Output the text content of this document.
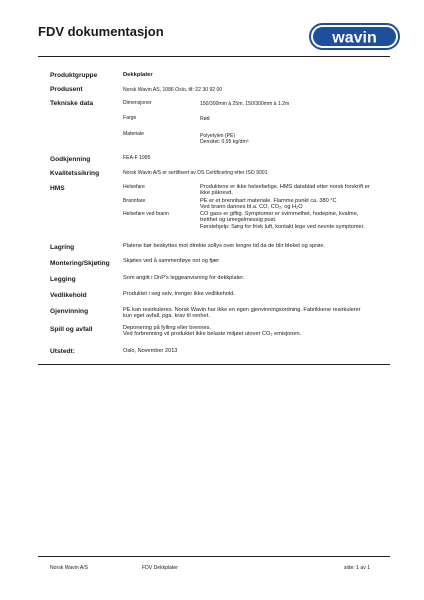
FDV dokumentasjon	wavin
Produktgruppe	Dekkplater
Produsent	Norsk Wavin AS, 1086 Oslo, tlf: 22 30 92 00
Tekniske data	Dimensjoner	150/300mm à 25m, 150/300mm à 1.2m
Farge	Rød
Materiale	Polyetylen (PE)
Densitet: 0,95 kg/dm³
Godkjenning	FEA-F 1995
Kvalitetssikring	Norsk Wavin A/S er sertifisert av DS Certificering etter ISO 9001
HMS	Helsefare	Produktene er ikke helsefarlige. HMS datablad etter norsk forskrift er
ikke påkrevd.
Brannfare	PE er et brennbart materiale. Flamme punkt ca. 380 °C
Ved brann dannes bl.a. CO, CO₂, og H₂O
Helsefare ved brann	CO gass er giftig. Symptomer er svimmelhet, hodepine, kvalme,
tretthet og umegelmessig pust.
Førstehjelp: Sørg for frisk luft, kontakt lege ved nevnte symptomer.
Lagring	Platene bør beskyttes mot direkte sollys over lengre tid da de blir bleket og sprøe.
Montering/Skjøting Skjøtes ved å sammenføye not og fjær
Legging	Som angitt i DnP's leggeanvisning for dekkplater.
Vedlikehold	Produktet i seg selv, trenger ikke vedlikehold.
Gjenvinning	PE kan resirkuleres. Norsk Wavin har ikke en egen gjenvinningsordning. Fabrikkene resirkulerer
kun eget avfall, pga. krav til renhet.
Spill og avfall	Deponering på fylling eller brennes.
Ved forbrenning vil produktet ikke belaste miljøet utover CO₂ emisjonen.
Utstedt:	Oslo, November 2013
Norsk Wavin A/S	FDV Dekkplater	side: 1 av 1
